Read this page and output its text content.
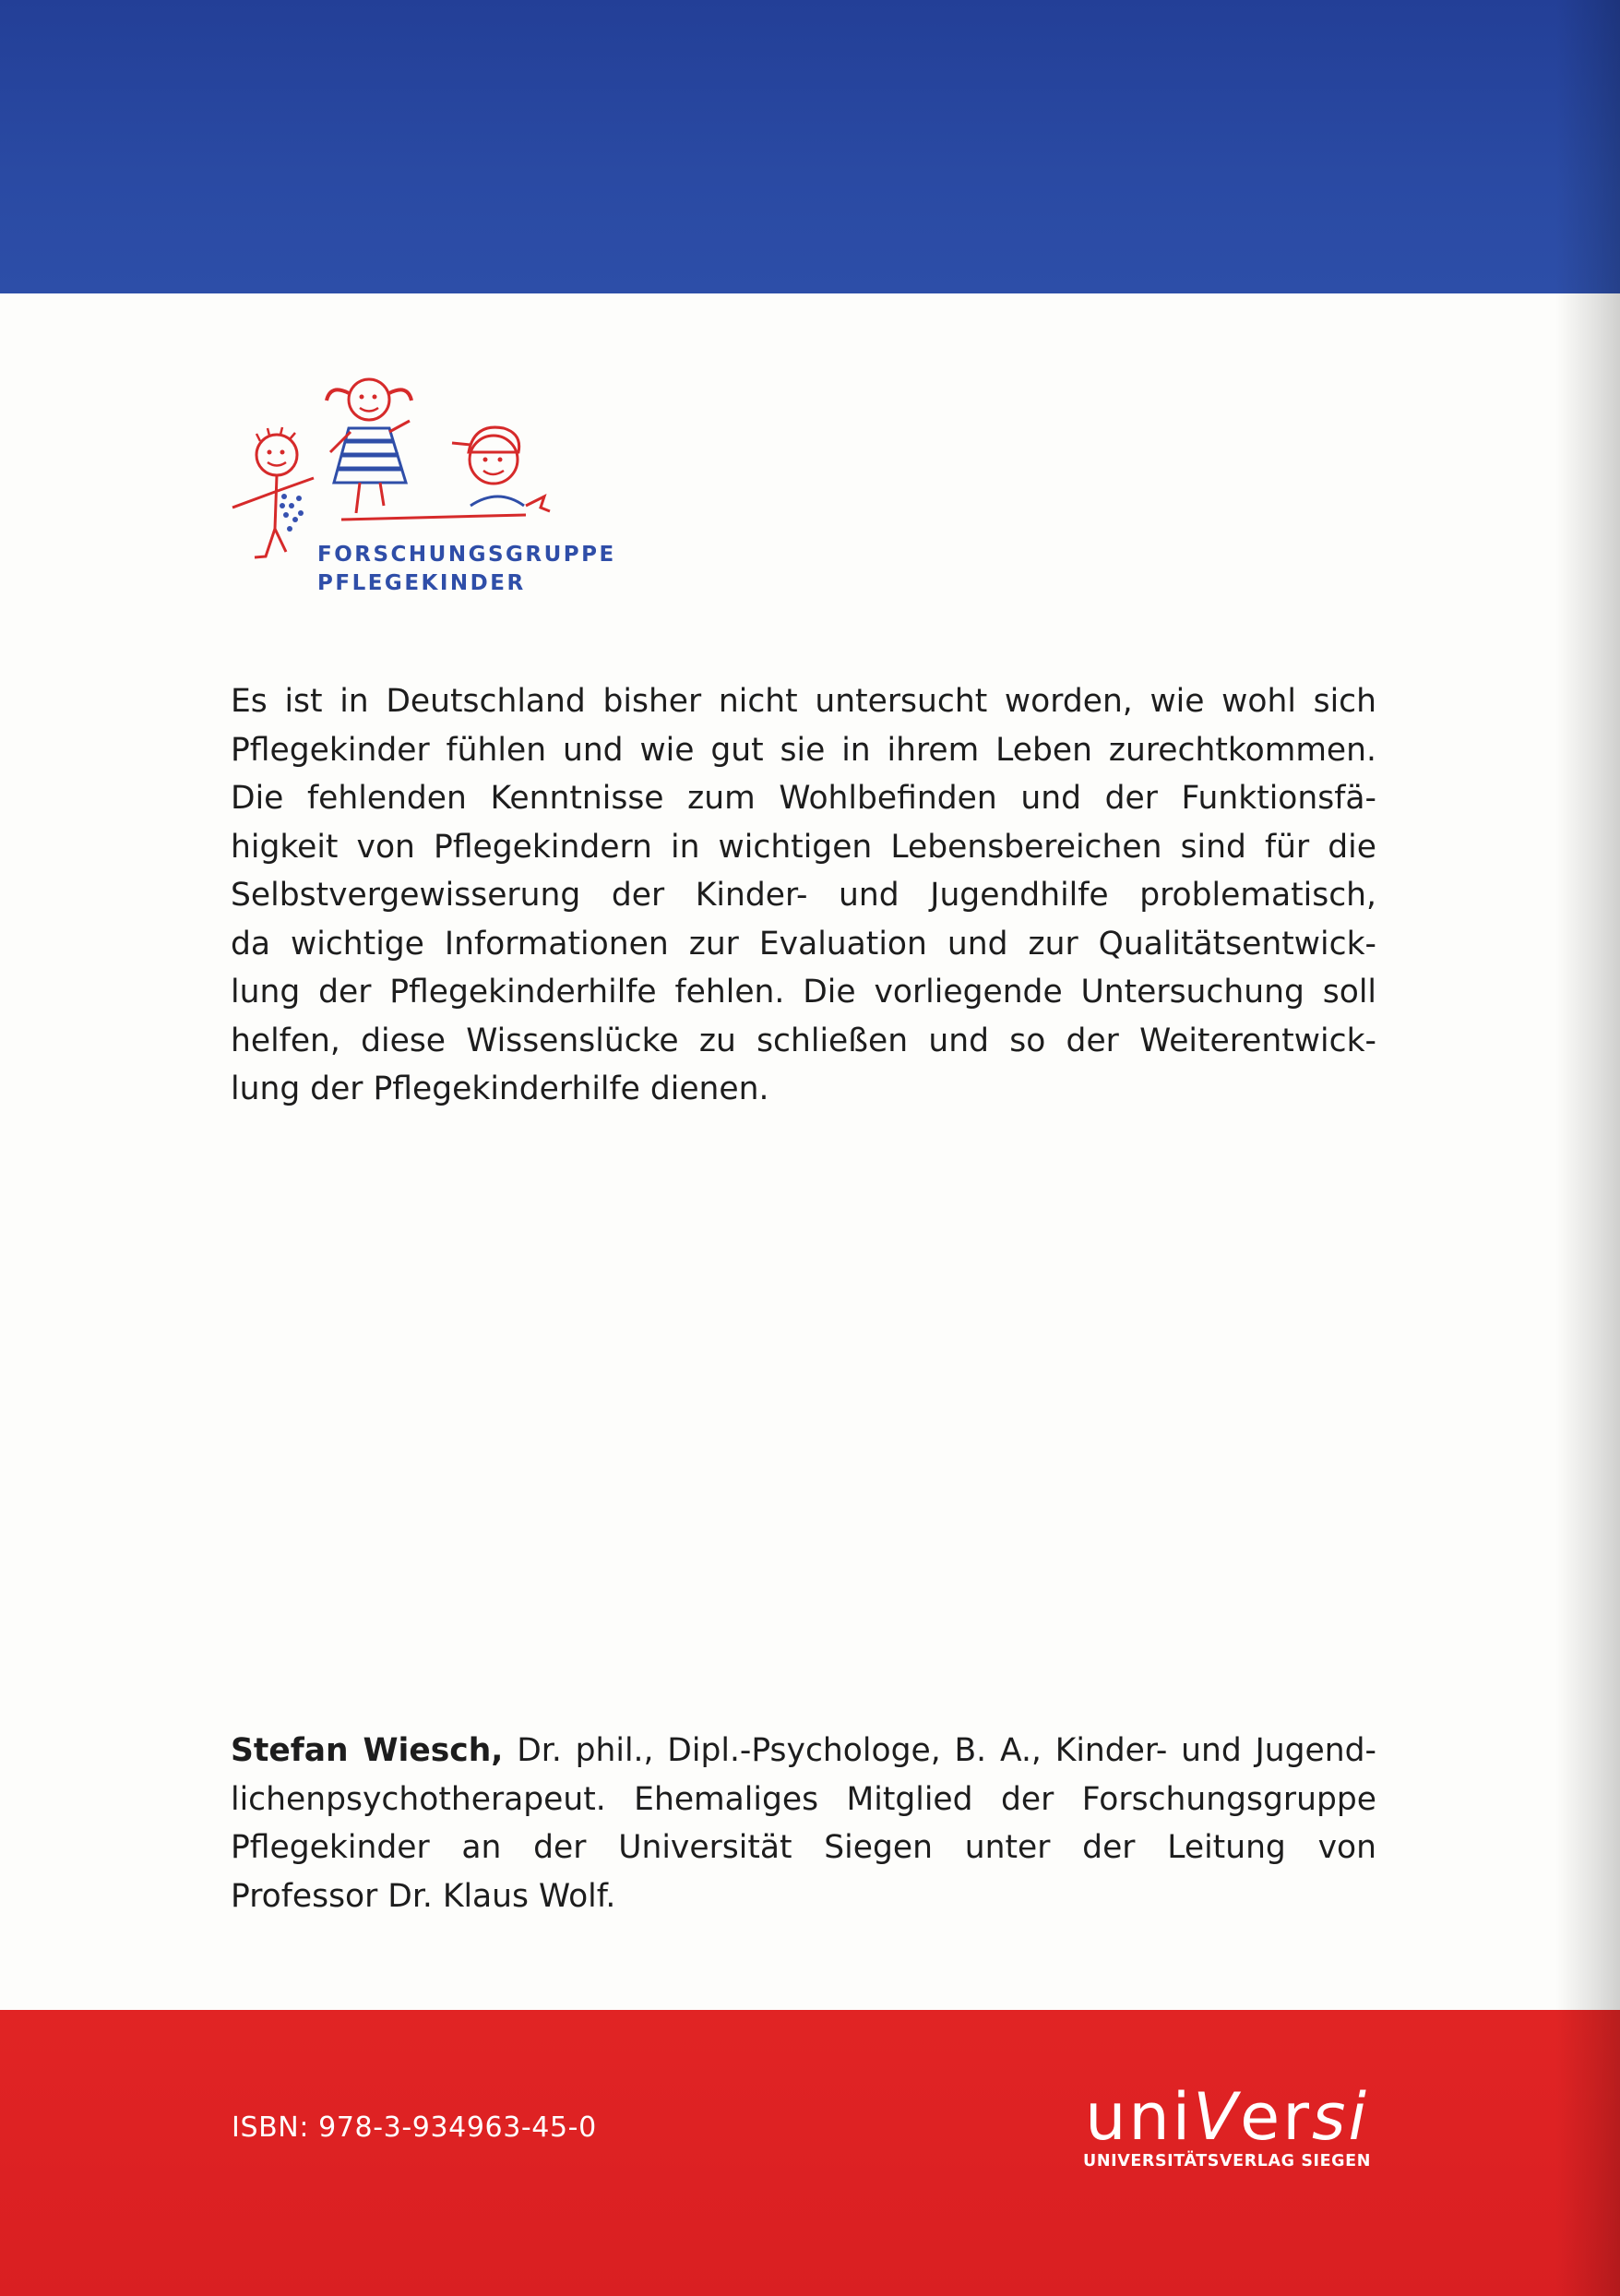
FORSCHUNGSGRUPPE
PFLEGEKINDER
Es ist in Deutschland bisher nicht untersucht worden, wie wohl sich
Pflegekinder fühlen und wie gut sie in ihrem Leben zurechtkommen.
Die fehlenden Kenntnisse zum Wohlbefinden und der Funktionsfä-
higkeit von Pflegekindern in wichtigen Lebensbereichen sind für die
Selbstvergewisserung der Kinder- und Jugendhilfe problematisch,
da wichtige Informationen zur Evaluation und zur Qualitätsentwick-
lung der Pflegekinderhilfe fehlen. Die vorliegende Untersuchung soll
helfen, diese Wissenslücke zu schließen und so der Weiterentwick-
lung der Pflegekinderhilfe dienen.
Stefan Wiesch, Dr. phil., Dipl.-Psychologe, B. A., Kinder- und Jugend-
lichenpsychotherapeut. Ehemaliges Mitglied der Forschungsgruppe
Pflegekinder an der Universität Siegen unter der Leitung von
Professor Dr. Klaus Wolf.
ISBN: 978-3-934963-45-0	uniVersi
UNIVERSITÄTSVERLAG SIEGEN
